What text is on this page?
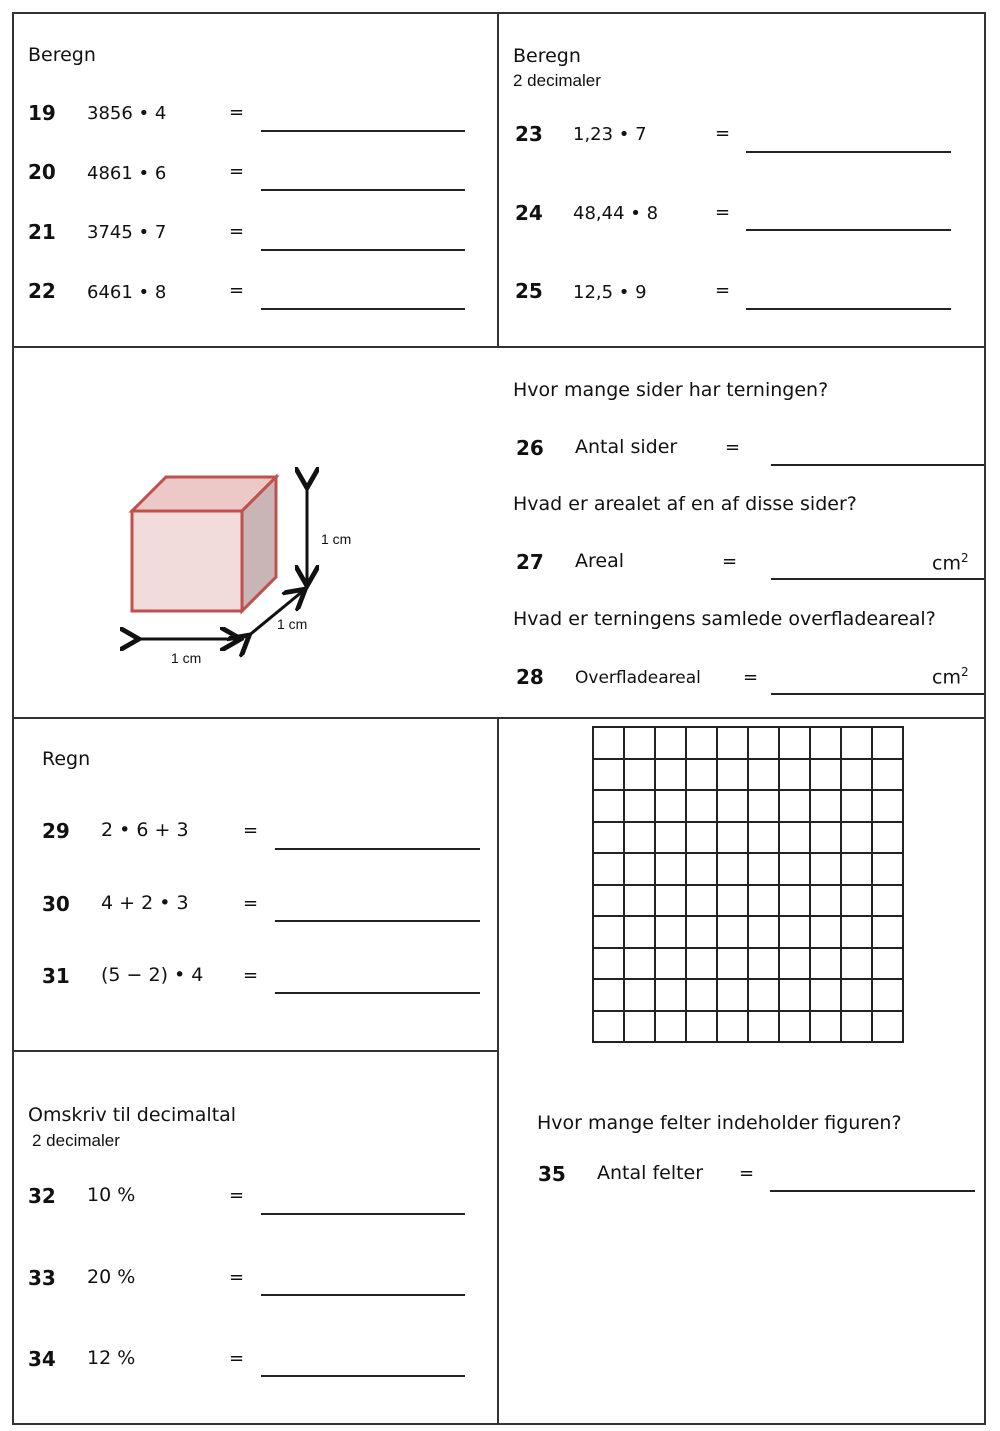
Beregn
19 3856 • 4	=
20 4861 • 6	=
21 3745 • 7	=
22 6461 • 8	=
Beregn
2 decimaler
23 1,23 • 7	=
24 48,44 • 8	=
25 12,5 • 9	=
1 cm
1 cm
1 cm
Hvor mange sider har terningen?
26 Antal sider	=
Hvad er arealet af en af disse sider?
27 Areal	=	$cm^2$
Hvad er terningens samlede overfladeareal?
28 Overfladeareal =	$cm^2$
Regn
29 2 • 6 + 3	=
30 4 + 2 • 3	=
31 (5 − 2) • 4 =
Omskriv til decimaltal
2 decimaler
32 10 %	=
33 20 %	=
34 12 %	=
Hvor mange felter indeholder figuren?
35 Antal felter =
